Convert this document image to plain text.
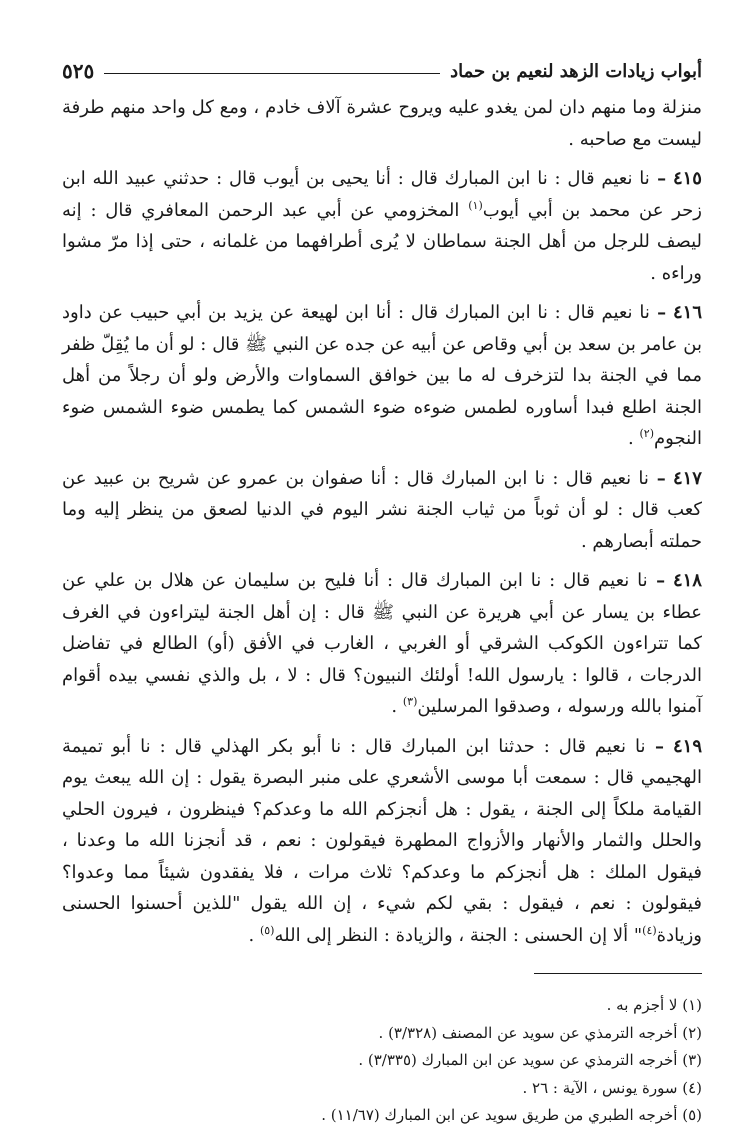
أبواب زيادات الزهد لنعيم بن حماد
٥٢٥

منزلة وما منهم دان لمن يغدو عليه ويروح عشرة آلاف خادم ، ومع كل واحد منهم طرفة ليست مع صاحبه .

٤١٥ – نا نعيم قال : نا ابن المبارك قال : أنا يحيى بن أيوب قال : حدثني عبيد الله ابن زحر عن محمد بن أبي أيوب$^{(١)}$ المخزومي عن أبي عبد الرحمن المعافري قال : إنه ليصف للرجل من أهل الجنة سماطان لا يُرى أطرافهما من غلمانه ، حتى إذا مرّ مشوا وراءه .

٤١٦ – نا نعيم قال : نا ابن المبارك قال : أنا ابن لهيعة عن يزيد بن أبي حبيب عن داود بن عامر بن سعد بن أبي وقاص عن أبيه عن جده عن النبي ﷺ قال : لو أن ما يُقِلّ ظفر مما في الجنة بدا لتزخرف له ما بين خوافق السماوات والأرض ولو أن رجلاً من أهل الجنة اطلع فبدا أساوره لطمس ضوءه ضوء الشمس كما يطمس ضوء الشمس ضوء النجوم$^{(٢)}$ .

٤١٧ – نا نعيم قال : نا ابن المبارك قال : أنا صفوان بن عمرو عن شريح بن عبيد عن كعب قال : لو أن ثوباً من ثياب الجنة نشر اليوم في الدنيا لصعق من ينظر إليه وما حملته أبصارهم .

٤١٨ – نا نعيم قال : نا ابن المبارك قال : أنا فليح بن سليمان عن هلال بن علي عن عطاء بن يسار عن أبي هريرة عن النبي ﷺ قال : إن أهل الجنة ليتراءون في الغرف كما تتراءون الكوكب الشرقي أو الغربي ، الغارب في الأفق (أو) الطالع في تفاضل الدرجات ، قالوا : يارسول الله! أولئك النبيون؟ قال : لا ، بل والذي نفسي بيده أقوام آمنوا بالله ورسوله ، وصدقوا المرسلين$^{(٣)}$ .

٤١٩ – نا نعيم قال : حدثنا ابن المبارك قال : نا أبو بكر الهذلي قال : نا أبو تميمة الهجيمي قال : سمعت أبا موسى الأشعري على منبر البصرة يقول : إن الله يبعث يوم القيامة ملكاً إلى الجنة ، يقول : هل أنجزكم الله ما وعدكم؟ فينظرون ، فيرون الحلي والحلل والثمار والأنهار والأزواج المطهرة فيقولون : نعم ، قد أنجزنا الله ما وعدنا ، فيقول الملك : هل أنجزكم ما وعدكم؟ ثلاث مرات ، فلا يفقدون شيئاً مما وعدوا؟ فيقولون : نعم ، فيقول : بقي لكم شيء ، إن الله يقول "للذين أحسنوا الحسنى وزيادة$^{(٤)}$" ألا إن الحسنى : الجنة ، والزيادة : النظر إلى الله$^{(٥)}$ .

(١) لا أجزم به .

(٢) أخرجه الترمذي عن سويد عن المصنف (٣/٣٢٨) .

(٣) أخرجه الترمذي عن سويد عن ابن المبارك (٣/٣٣٥) .

(٤) سورة يونس ، الآية : ٢٦ .

(٥) أخرجه الطبري من طريق سويد عن ابن المبارك (١١/٦٧) .
